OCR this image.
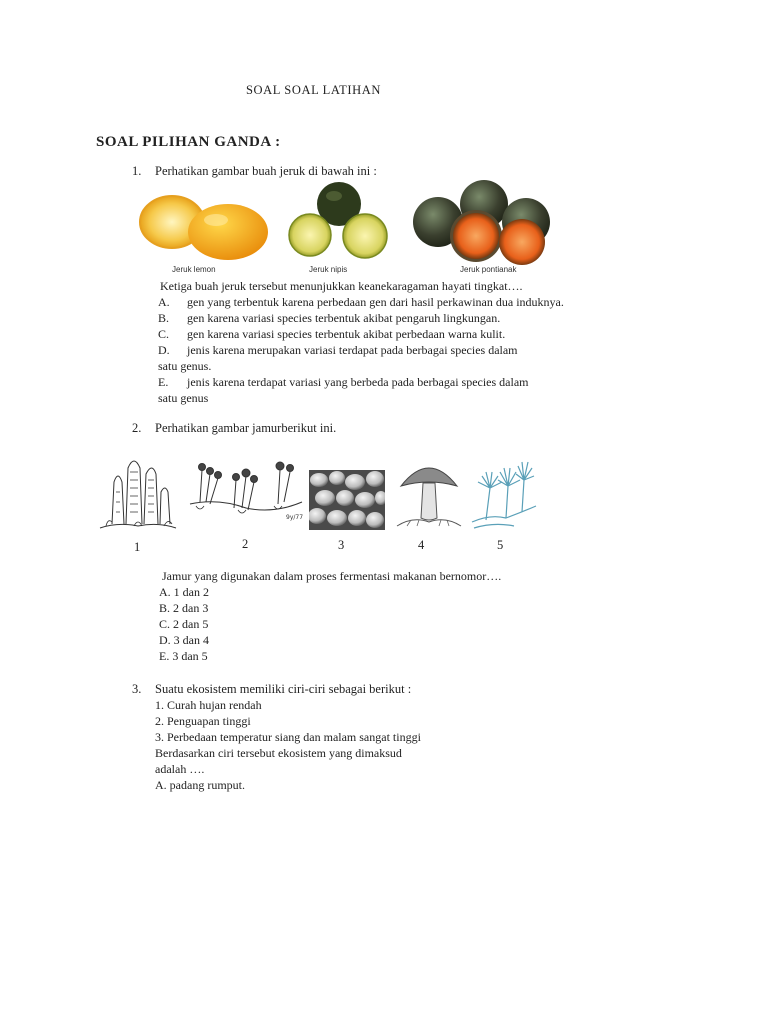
SOAL SOAL LATIHAN
SOAL PILIHAN GANDA :
1. Perhatikan gambar buah jeruk di bawah ini :
Jeruk lemon	Jeruk nipis	Jeruk pontianak
Ketiga buah jeruk tersebut menunjukkan keanekaragaman hayati tingkat….
A. gen yang terbentuk karena perbedaan gen dari hasil perkawinan dua induknya.
B. gen karena variasi species terbentuk akibat pengaruh lingkungan.
C. gen karena variasi species terbentuk akibat perbedaan warna kulit.
D. jenis karena merupakan variasi terdapat pada berbagai species dalam
satu genus.
E. jenis karena terdapat variasi yang berbeda pada berbagai species dalam
satu genus
2. Perhatikan gambar jamurberikut ini.
9y/77
1	2	3	4	5
Jamur yang digunakan dalam proses fermentasi makanan bernomor….
A. 1 dan 2
B. 2 dan 3
C. 2 dan 5
D. 3 dan 4
E. 3 dan 5
3. Suatu ekosistem memiliki ciri-ciri sebagai berikut :
1. Curah hujan rendah
2. Penguapan tinggi
3. Perbedaan temperatur siang dan malam sangat tinggi
Berdasarkan ciri tersebut ekosistem yang dimaksud
adalah ….
A. padang rumput.
